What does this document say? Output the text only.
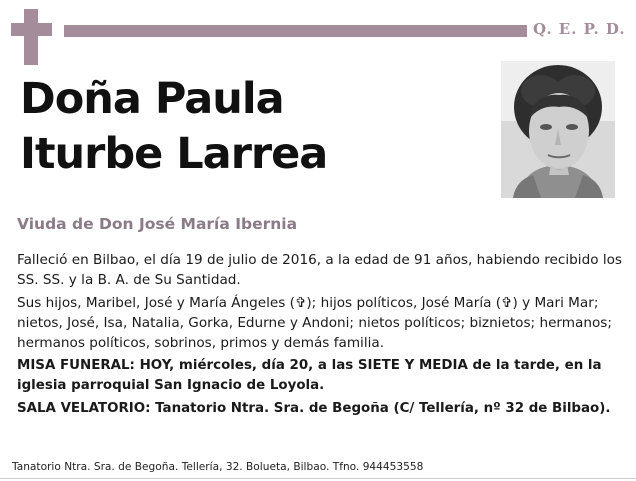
Q. E. P. D.
Doña Paula
Iturbe Larrea
Viuda de Don José María Ibernia

Falleció en Bilbao, el día 19 de julio de 2016, a la edad de 91 años, habiendo recibido los SS. SS. y la B. A. de Su Santidad.

Sus hijos, Maribel, José y María Ángeles (✞); hijos políticos, José María (✞) y Mari Mar; nietos, José, Isa, Natalia, Gorka, Edurne y Andoni; nietos políticos; biznietos; hermanos; hermanos políticos, sobrinos, primos y demás familia.

MISA FUNERAL: HOY, miércoles, día 20, a las SIETE Y MEDIA de la tarde, en la iglesia parroquial San Ignacio de Loyola.

SALA VELATORIO: Tanatorio Ntra. Sra. de Begoña (C/ Tellería, nº 32 de Bilbao).

Tanatorio Ntra. Sra. de Begoña. Tellería, 32. Bolueta, Bilbao. Tfno. 944453558
